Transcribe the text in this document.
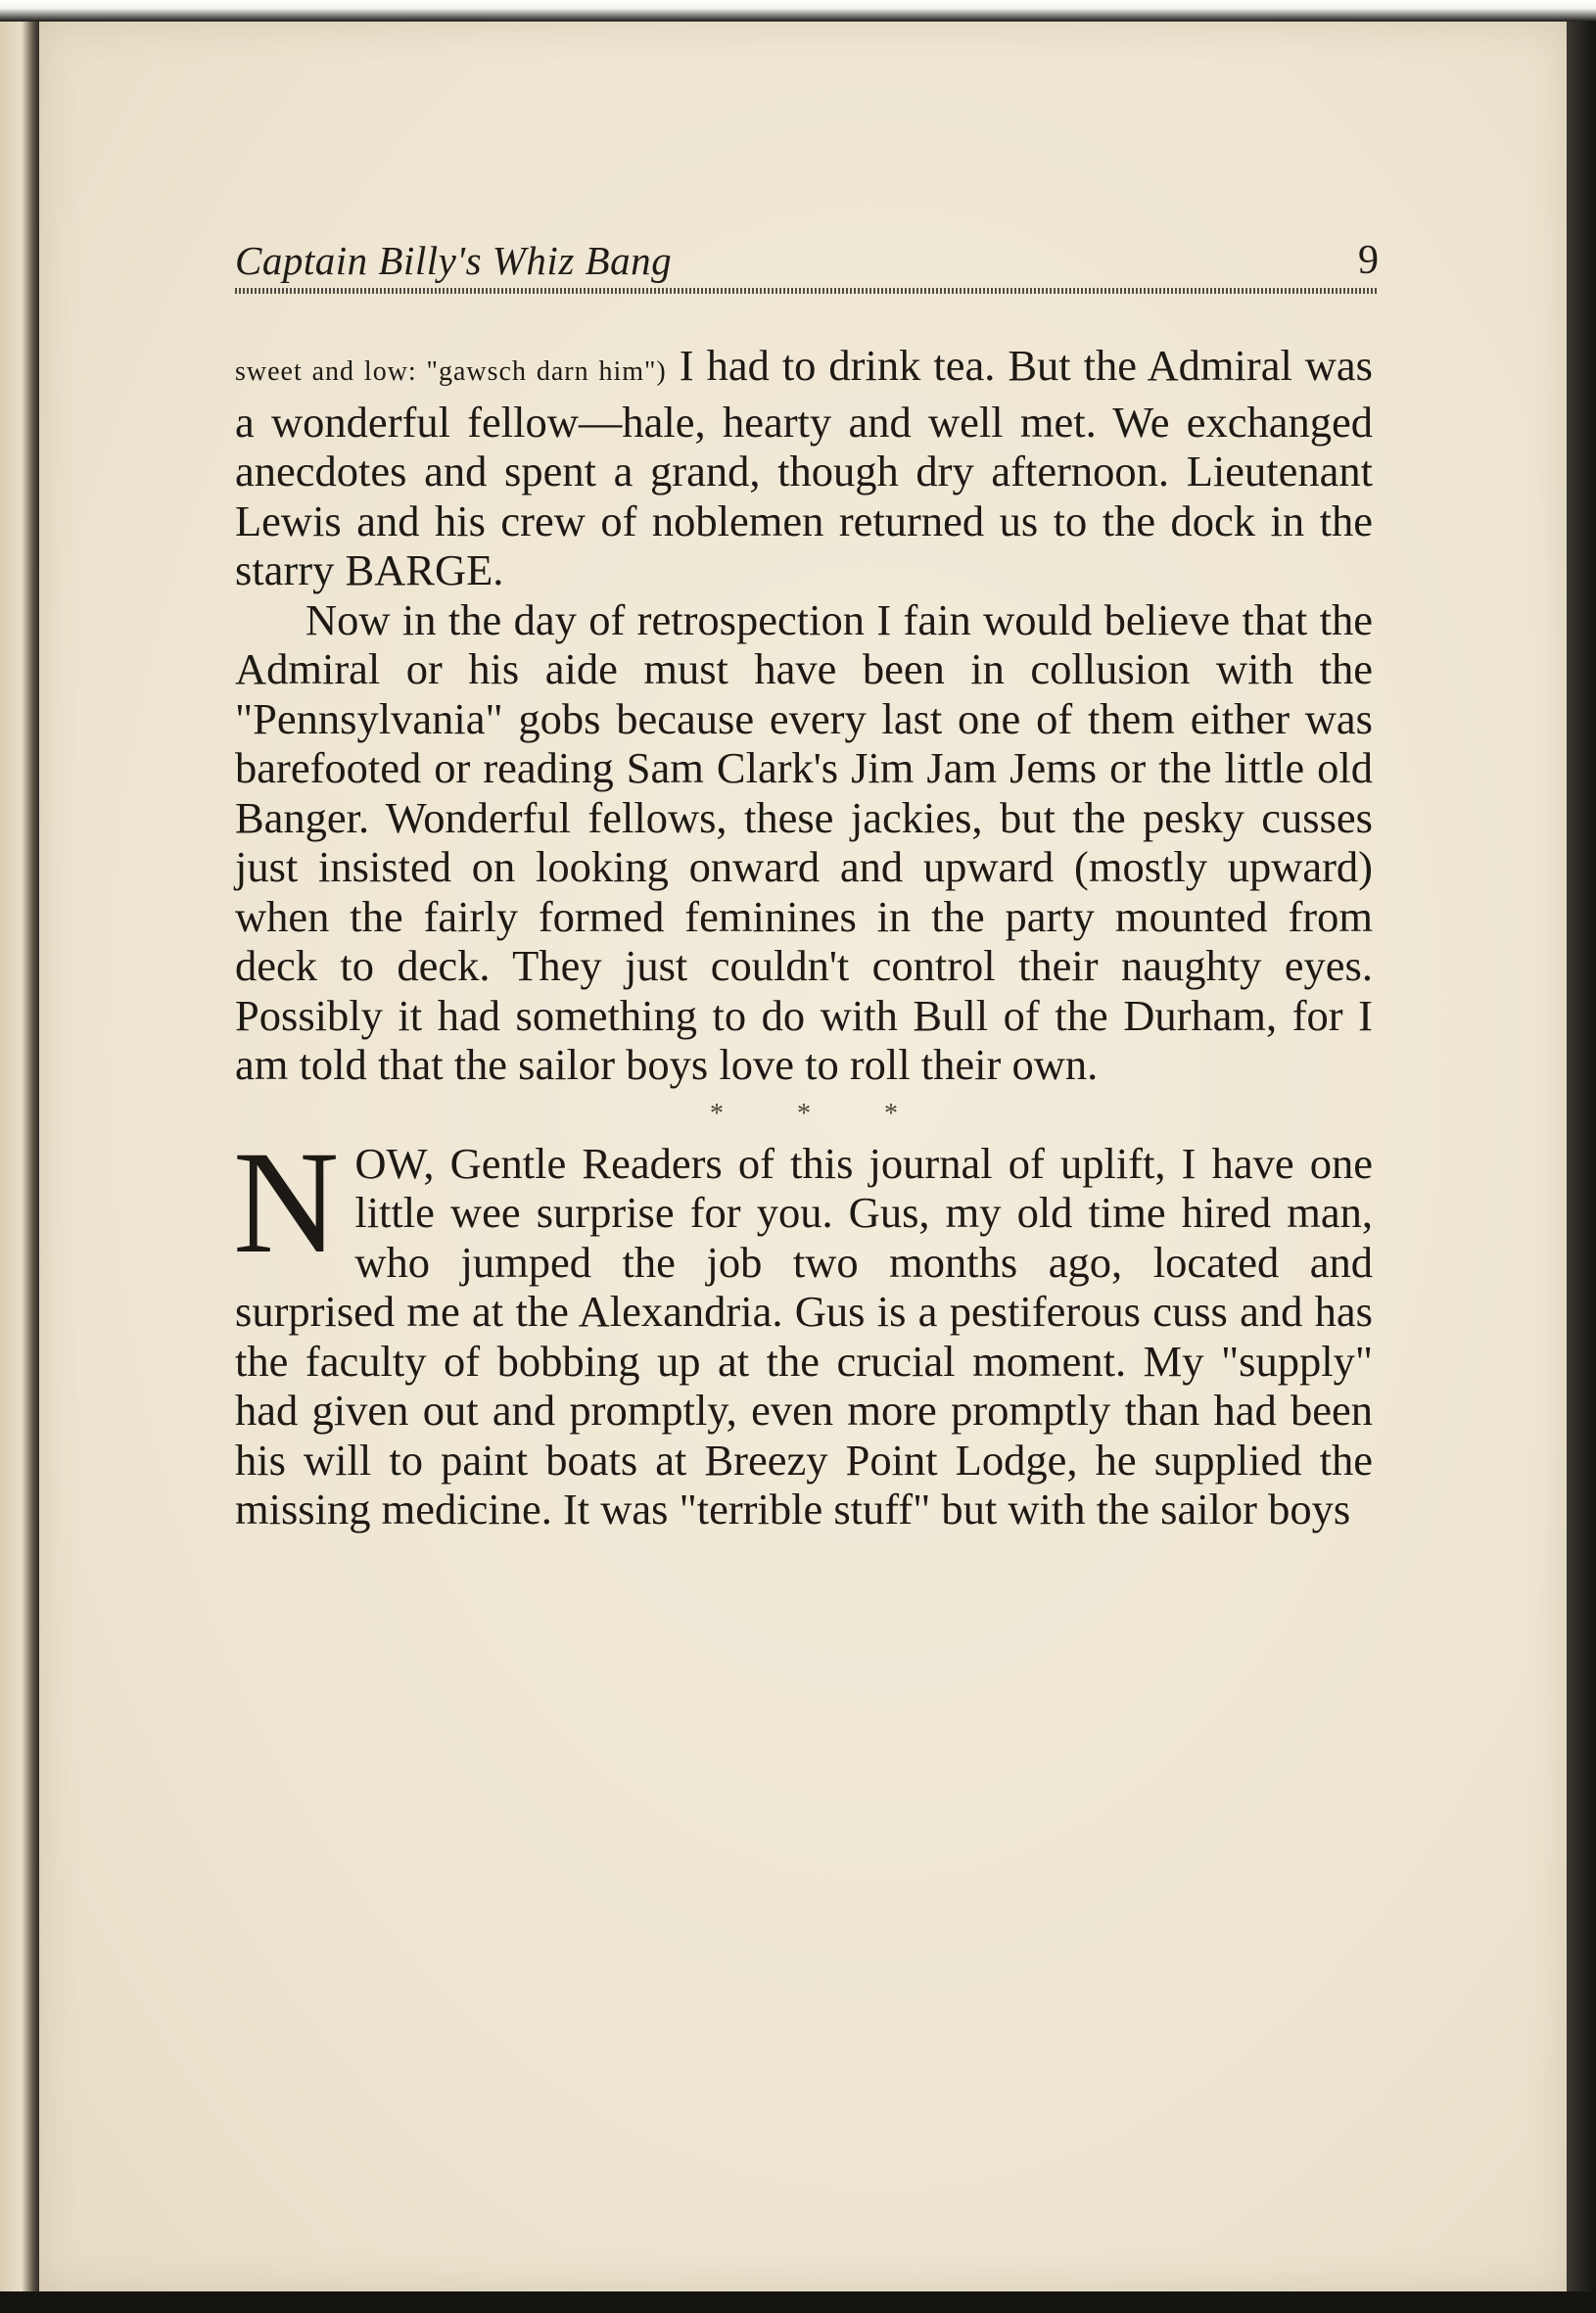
Captain Billy's Whiz Bang	9

sweet and low: "gawsch darn him") I had to drink tea. But the Admiral was a wonderful fellow—hale, hearty and well met. We exchanged anecdotes and spent a grand, though dry afternoon. Lieutenant Lewis and his crew of noblemen returned us to the dock in the starry BARGE.

Now in the day of retrospection I fain would believe that the Admiral or his aide must have been in collusion with the "Pennsylvania" gobs because every last one of them either was barefooted or reading Sam Clark's Jim Jam Jems or the little old Banger. Wonderful fellows, these jackies, but the pesky cusses just insisted on looking onward and upward (mostly upward) when the fairly formed feminines in the party mounted from deck to deck. They just couldn't control their naughty eyes. Possibly it had something to do with Bull of the Durham, for I am told that the sailor boys love to roll their own.

* * *

N OW, Gentle Readers of this journal of uplift, I have one little wee surprise for you. Gus, my old time hired man, who jumped the job two months ago, located and surprised me at the Alexandria. Gus is a pestiferous cuss and has the faculty of bobbing up at the crucial moment. My "supply" had given out and promptly, even more promptly than had been his will to paint boats at Breezy Point Lodge, he supplied the missing medicine. It was "terrible stuff" but with the sailor boys
